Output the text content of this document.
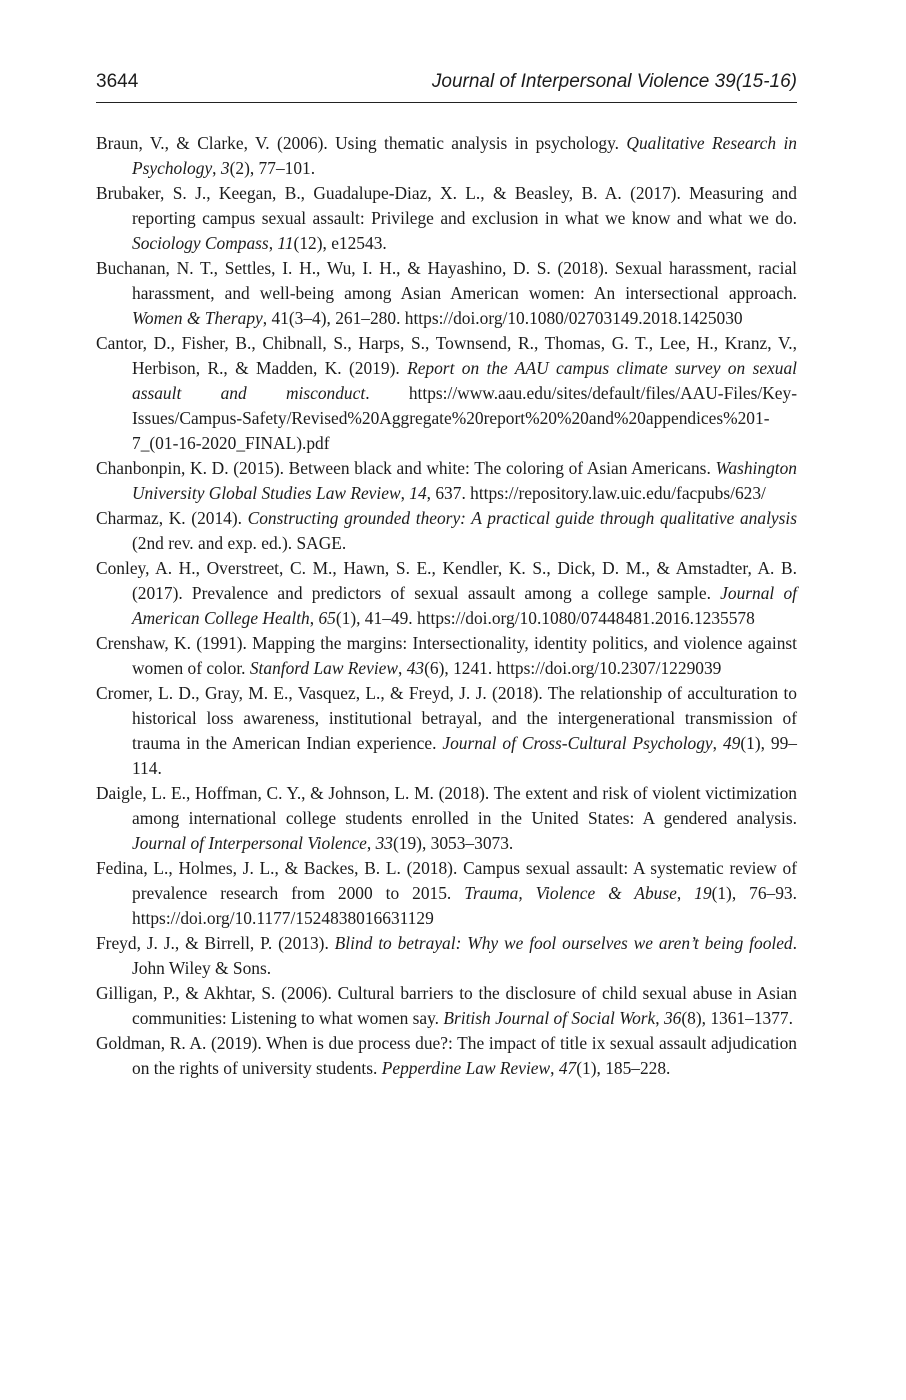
3644	Journal of Interpersonal Violence 39(15-16)

Braun, V., & Clarke, V. (2006). Using thematic analysis in psychology. Qualitative Research in Psychology, 3(2), 77–101.

Brubaker, S. J., Keegan, B., Guadalupe-Diaz, X. L., & Beasley, B. A. (2017). Measuring and reporting campus sexual assault: Privilege and exclusion in what we know and what we do. Sociology Compass, 11(12), e12543.

Buchanan, N. T., Settles, I. H., Wu, I. H., & Hayashino, D. S. (2018). Sexual harassment, racial harassment, and well-being among Asian American women: An intersectional approach. Women & Therapy, 41(3–4), 261–280. https://doi.org/10.1080/02703149.2018.1425030

Cantor, D., Fisher, B., Chibnall, S., Harps, S., Townsend, R., Thomas, G. T., Lee, H., Kranz, V., Herbison, R., & Madden, K. (2019). Report on the AAU campus climate survey on sexual assault and misconduct. https://www.aau.edu/sites/default/files/AAU-Files/Key-Issues/Campus-Safety/Revised%20Aggregate%20report%20%20and%20appendices%201-7_(01-16-2020_FINAL).pdf

Chanbonpin, K. D. (2015). Between black and white: The coloring of Asian Americans. Washington University Global Studies Law Review, 14, 637. https://repository.law.uic.edu/facpubs/623/

Charmaz, K. (2014). Constructing grounded theory: A practical guide through qualitative analysis (2nd rev. and exp. ed.). SAGE.

Conley, A. H., Overstreet, C. M., Hawn, S. E., Kendler, K. S., Dick, D. M., & Amstadter, A. B. (2017). Prevalence and predictors of sexual assault among a college sample. Journal of American College Health, 65(1), 41–49. https://doi.org/10.1080/07448481.2016.1235578

Crenshaw, K. (1991). Mapping the margins: Intersectionality, identity politics, and violence against women of color. Stanford Law Review, 43(6), 1241. https://doi.org/10.2307/1229039

Cromer, L. D., Gray, M. E., Vasquez, L., & Freyd, J. J. (2018). The relationship of acculturation to historical loss awareness, institutional betrayal, and the intergenerational transmission of trauma in the American Indian experience. Journal of Cross-Cultural Psychology, 49(1), 99–114.

Daigle, L. E., Hoffman, C. Y., & Johnson, L. M. (2018). The extent and risk of violent victimization among international college students enrolled in the United States: A gendered analysis. Journal of Interpersonal Violence, 33(19), 3053–3073.

Fedina, L., Holmes, J. L., & Backes, B. L. (2018). Campus sexual assault: A systematic review of prevalence research from 2000 to 2015. Trauma, Violence & Abuse, 19(1), 76–93. https://doi.org/10.1177/1524838016631129

Freyd, J. J., & Birrell, P. (2013). Blind to betrayal: Why we fool ourselves we aren’t being fooled. John Wiley & Sons.

Gilligan, P., & Akhtar, S. (2006). Cultural barriers to the disclosure of child sexual abuse in Asian communities: Listening to what women say. British Journal of Social Work, 36(8), 1361–1377.

Goldman, R. A. (2019). When is due process due?: The impact of title ix sexual assault adjudication on the rights of university students. Pepperdine Law Review, 47(1), 185–228.
